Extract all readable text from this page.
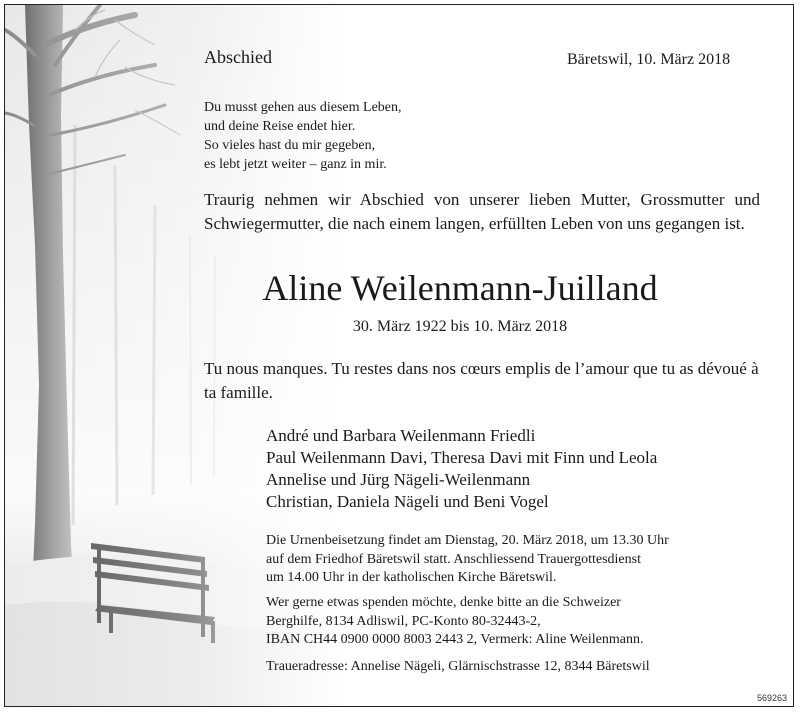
Abschied	Bäretswil, 10. März 2018
Du musst gehen aus diesem Leben,
und deine Reise endet hier.
So vieles hast du mir gegeben,
es lebt jetzt weiter – ganz in mir.
Traurig nehmen wir Abschied von unserer lieben Mutter, Grossmutter und Schwiegermutter, die nach einem langen, erfüllten Leben von uns gegangen ist.
Aline Weilenmann-Juilland
30. März 1922 bis 10. März 2018
Tu nous manques. Tu restes dans nos cœurs emplis de l’amour que tu as dévoué à ta famille.
André und Barbara Weilenmann Friedli
Paul Weilenmann Davi, Theresa Davi mit Finn und Leola
Annelise und Jürg Nägeli-Weilenmann
Christian, Daniela Nägeli und Beni Vogel
Die Urnenbeisetzung findet am Dienstag, 20. März 2018, um 13.30 Uhr
auf dem Friedhof Bäretswil statt. Anschliessend Trauergottesdienst
um 14.00 Uhr in der katholischen Kirche Bäretswil.
Wer gerne etwas spenden möchte, denke bitte an die Schweizer
Berghilfe, 8134 Adliswil, PC-Konto 80-32443-2,
IBAN CH44 0900 0000 8003 2443 2, Vermerk: Aline Weilenmann.
Traueradresse: Annelise Nägeli, Glärnischstrasse 12, 8344 Bäretswil
569263
